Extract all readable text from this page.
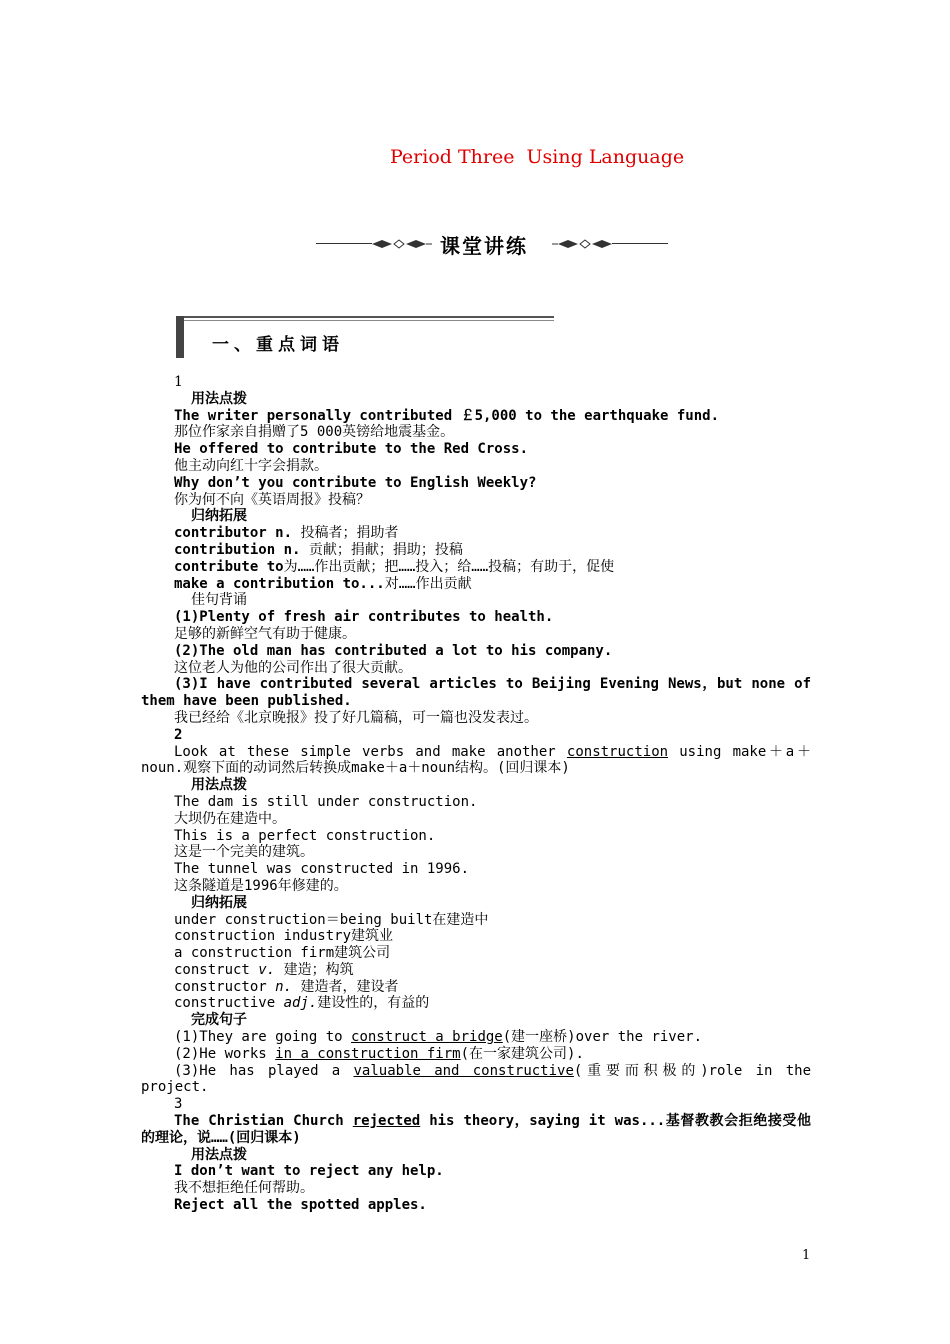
Period Three  Using Language
课堂讲练
一、重点词语

1

用法点拨

The writer personally contributed ￡5,000 to the earthquake fund.

那位作家亲自捐赠了5 000英镑给地震基金。

He offered to contribute to the Red Cross.

他主动向红十字会捐款。

Why don’t you contribute to English Weekly?

你为何不向《英语周报》投稿？

归纳拓展

contributor n. 投稿者；捐助者

contribution n. 贡献；捐献；捐助；投稿

contribute to为……作出贡献；把……投入；给……投稿；有助于，促使

make a contribution to...对……作出贡献

佳句背诵

(1)Plenty of fresh air contributes to health.

足够的新鲜空气有助于健康。

(2)The old man has contributed a lot to his company.

这位老人为他的公司作出了很大贡献。

(3)I have contributed several articles to Beijing Evening News，but none of them have been published.

我已经给《北京晚报》投了好几篇稿，可一篇也没发表过。

2

Look at these simple verbs and make another construction using make＋a＋noun.观察下面的动词然后转换成make＋a＋noun结构。(回归课本)

用法点拨

The dam is still under construction.

大坝仍在建造中。

This is a perfect construction.

这是一个完美的建筑。

The tunnel was constructed in 1996.

这条隧道是1996年修建的。

归纳拓展

under construction＝being built在建造中

construction industry建筑业

a construction firm建筑公司

construct v. 建造；构筑

constructor n. 建造者，建设者

constructive adj.建设性的，有益的

完成句子

(1)They are going to construct a bridge(建一座桥)over the river.

(2)He works in a construction firm(在一家建筑公司).

(3)He has played a valuable and constructive(重要而积极的)role in the project.

3

The Christian Church rejected his theory，saying it was...基督教教会拒绝接受他的理论，说……(回归课本)

用法点拨

I don’t want to reject any help.

我不想拒绝任何帮助。

Reject all the spotted apples.

1
